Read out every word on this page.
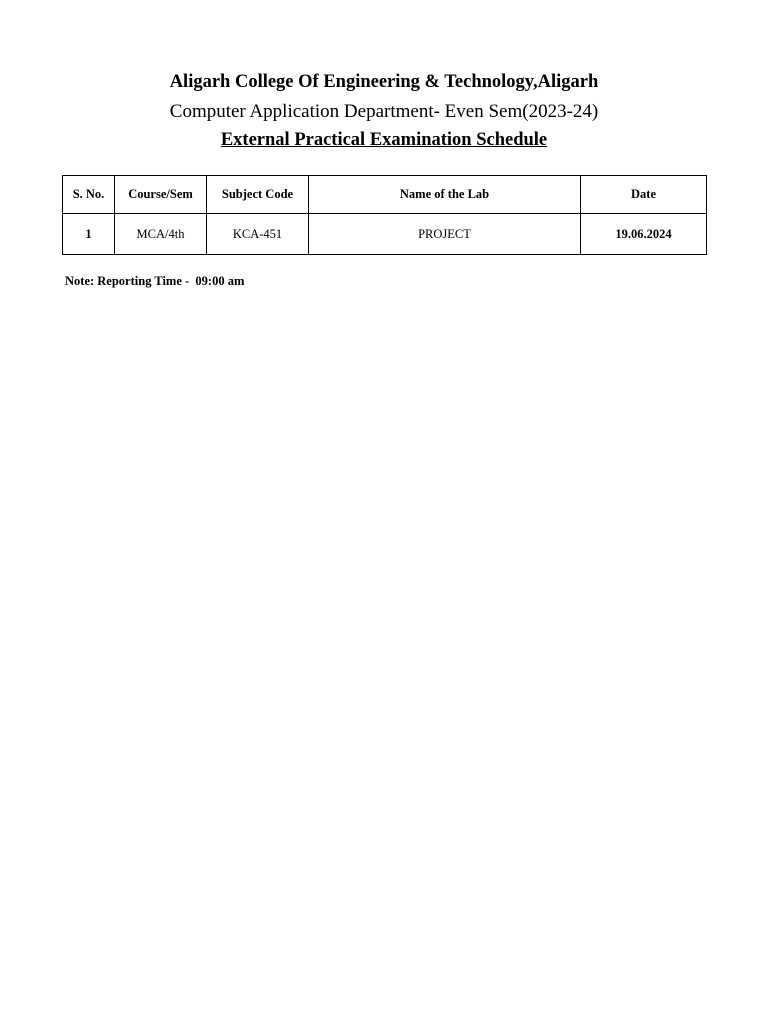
Aligarh College Of Engineering & Technology,Aligarh
Computer Application Department- Even Sem(2023-24)
External Practical Examination Schedule
S. No.	Course/Sem	Subject Code	Name of the Lab	Date
1	MCA/4th	KCA-451	PROJECT	19.06.2024
Note: Reporting Time -  09:00 am
